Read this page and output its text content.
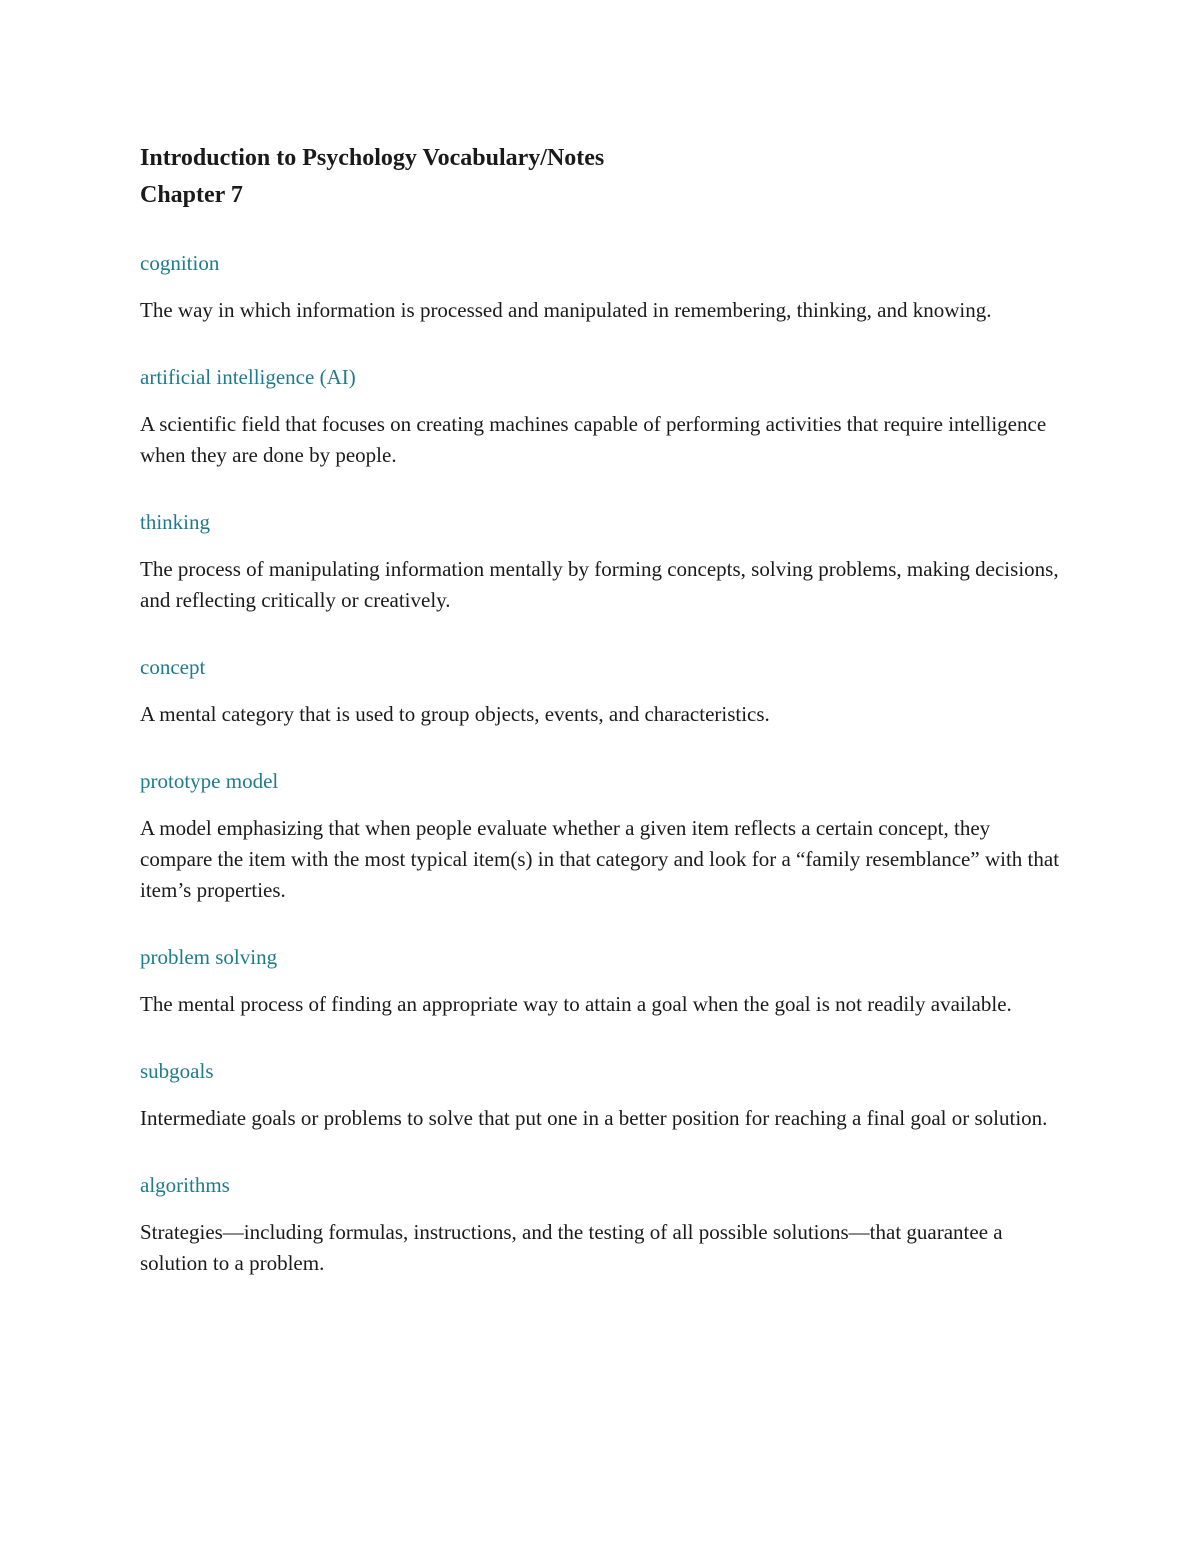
Introduction to Psychology Vocabulary/Notes
Chapter 7

cognition

The way in which information is processed and manipulated in remembering, thinking, and knowing.

artificial intelligence (AI)

A scientific field that focuses on creating machines capable of performing activities that require intelligence when they are done by people.

thinking

The process of manipulating information mentally by forming concepts, solving problems, making decisions, and reflecting critically or creatively.

concept

A mental category that is used to group objects, events, and characteristics.

prototype model

A model emphasizing that when people evaluate whether a given item reflects a certain concept, they compare the item with the most typical item(s) in that category and look for a “family resemblance” with that item’s properties.

problem solving

The mental process of finding an appropriate way to attain a goal when the goal is not readily available.

subgoals

Intermediate goals or problems to solve that put one in a better position for reaching a final goal or solution.

algorithms

Strategies—including formulas, instructions, and the testing of all possible solutions—that guarantee a solution to a problem.
